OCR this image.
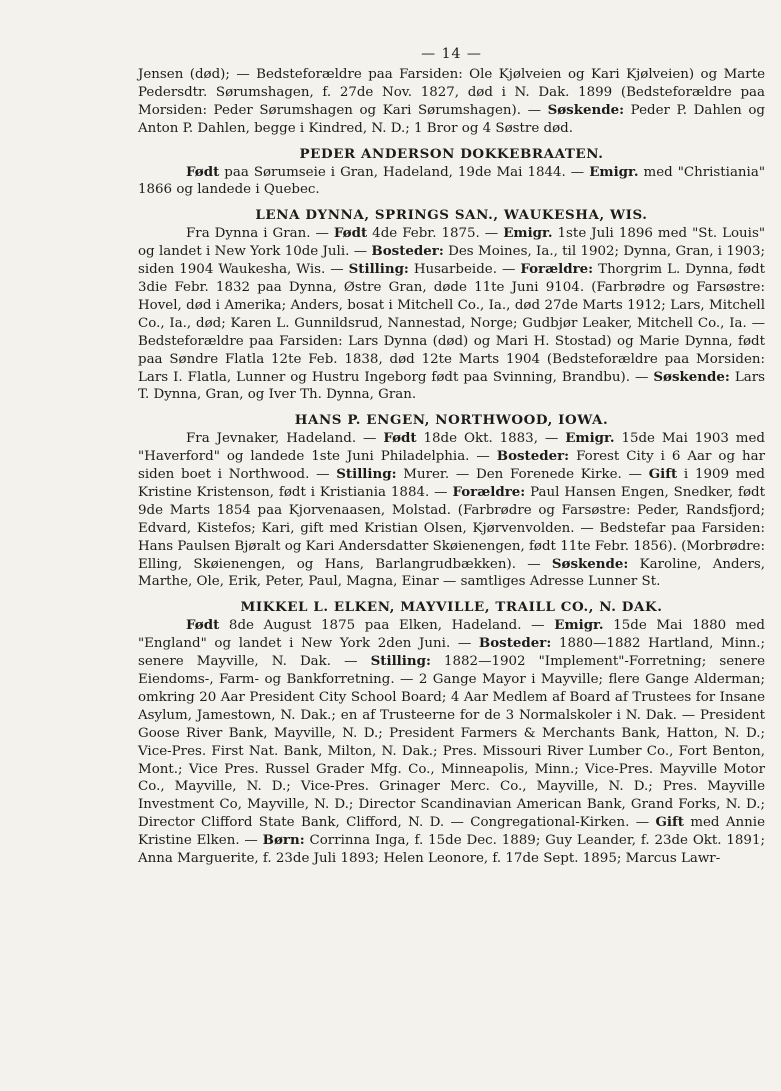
— 14 —

Jensen (død); — Bedsteforældre paa Farsiden: Ole Kjølveien og Kari Kjølveien) og Marte Pedersdtr. Sørumshagen, f. 27de Nov. 1827, død i N. Dak. 1899 (Bedsteforældre paa Morsiden: Peder Sørumshagen og Kari Sørumshagen). — Søskende: Peder P. Dahlen og Anton P. Dahlen, begge i Kindred, N. D.; 1 Bror og 4 Søstre død.

PEDER ANDERSON DOKKEBRAATEN.

Født paa Sørumseie i Gran, Hadeland, 19de Mai 1844. — Emigr. med "Christiania" 1866 og landede i Quebec.

LENA DYNNA, SPRINGS SAN., WAUKESHA, WIS.

Fra Dynna i Gran. — Født 4de Febr. 1875. — Emigr. 1ste Juli 1896 med "St. Louis" og landet i New York 10de Juli. — Bosteder: Des Moines, Ia., til 1902; Dynna, Gran, i 1903; siden 1904 Waukesha, Wis. — Stilling: Husarbeide. — Forældre: Thorgrim L. Dynna, født 3die Febr. 1832 paa Dynna, Østre Gran, døde 11te Juni 9104. (Farbrødre og Farsøstre: Hovel, død i Amerika; Anders, bosat i Mitchell Co., Ia., død 27de Marts 1912; Lars, Mitchell Co., Ia., død; Karen L. Gunnildsrud, Nannestad, Norge; Gudbjør Leaker, Mitchell Co., Ia. — Bedsteforældre paa Farsiden: Lars Dynna (død) og Mari H. Stostad) og Marie Dynna, født paa Søndre Flatla 12te Feb. 1838, død 12te Marts 1904 (Bedsteforældre paa Morsiden: Lars I. Flatla, Lunner og Hustru Ingeborg født paa Svinning, Brandbu). — Søskende: Lars T. Dynna, Gran, og Iver Th. Dynna, Gran.

HANS P. ENGEN, NORTHWOOD, IOWA.

Fra Jevnaker, Hadeland. — Født 18de Okt. 1883, — Emigr. 15de Mai 1903 med "Haverford" og landede 1ste Juni Philadelphia. — Bosteder: Forest City i 6 Aar og har siden boet i Northwood. — Stilling: Murer. — Den Forenede Kirke. — Gift i 1909 med Kristine Kristenson, født i Kristiania 1884. — Forældre: Paul Hansen Engen, Snedker, født 9de Marts 1854 paa Kjorvenaasen, Molstad. (Farbrødre og Farsøstre: Peder, Randsfjord; Edvard, Kistefos; Kari, gift med Kristian Olsen, Kjørvenvolden. — Bedstefar paa Farsiden: Hans Paulsen Bjøralt og Kari Andersdatter Skøienengen, født 11te Febr. 1856). (Morbrødre: Elling, Skøienengen, og Hans, Barlangrudbækken). — Søskende: Karoline, Anders, Marthe, Ole, Erik, Peter, Paul, Magna, Einar — samtliges Adresse Lunner St.

MIKKEL L. ELKEN, MAYVILLE, TRAILL CO., N. DAK.

Født 8de August 1875 paa Elken, Hadeland. — Emigr. 15de Mai 1880 med "England" og landet i New York 2den Juni. — Bosteder: 1880—1882 Hartland, Minn.; senere Mayville, N. Dak. — Stilling: 1882—1902 "Implement"-Forretning; senere Eiendoms-, Farm- og Bankforretning. — 2 Gange Mayor i Mayville; flere Gange Alderman; omkring 20 Aar President City School Board; 4 Aar Medlem af Board af Trustees for Insane Asylum, Jamestown, N. Dak.; en af Trusteerne for de 3 Normalskoler i N. Dak. — President Goose River Bank, Mayville, N. D.; President Farmers & Merchants Bank, Hatton, N. D.; Vice-Pres. First Nat. Bank, Milton, N. Dak.; Pres. Missouri River Lumber Co., Fort Benton, Mont.; Vice Pres. Russel Grader Mfg. Co., Minneapolis, Minn.; Vice-Pres. Mayville Motor Co., Mayville, N. D.; Vice-Pres. Grinager Merc. Co., Mayville, N. D.; Pres. Mayville Investment Co, Mayville, N. D.; Director Scandinavian American Bank, Grand Forks, N. D.; Director Clifford State Bank, Clifford, N. D. — Congregational-Kirken. — Gift med Annie Kristine Elken. — Børn: Corrinna Inga, f. 15de Dec. 1889; Guy Leander, f. 23de Okt. 1891; Anna Marguerite, f. 23de Juli 1893; Helen Leonore, f. 17de Sept. 1895; Marcus Lawr-
